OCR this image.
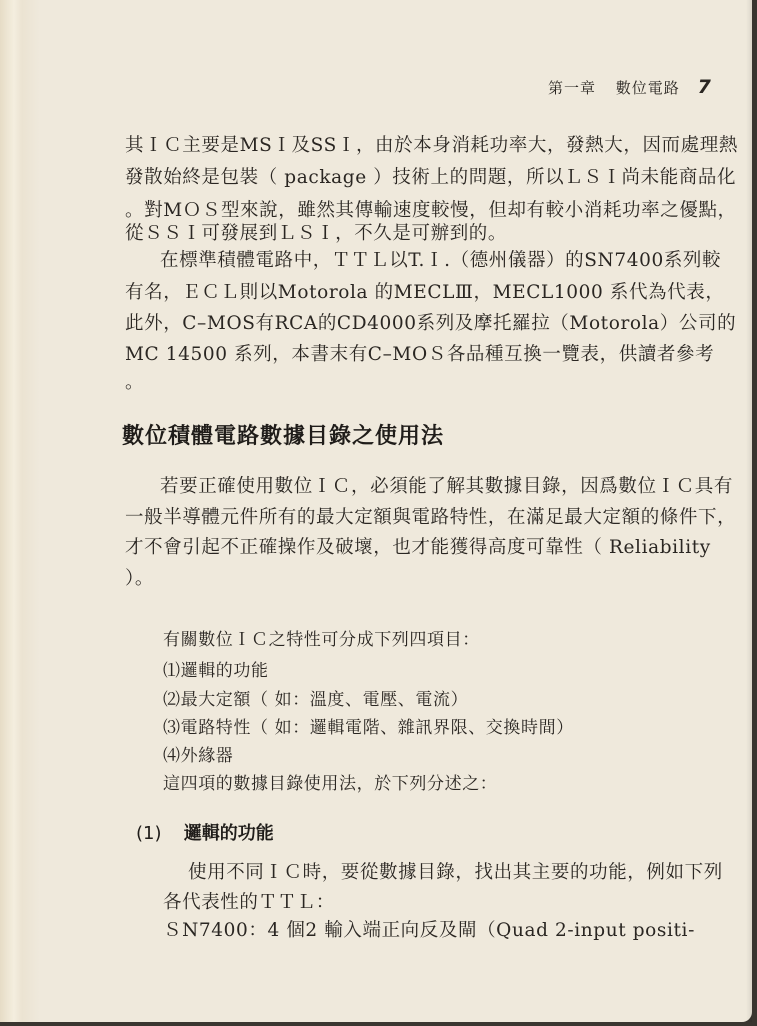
第一章 數位電路 7
其ＩＣ主要是MSＩ及SSＩ，由於本身消耗功率大，發熱大，因而處理熱
發散始終是包裝（ package ）技術上的問題，所以ＬＳＩ尚未能商品化
。對MＯＳ型來說，雖然其傳輸速度較慢，但却有較小消耗功率之優點，
從ＳＳＩ可發展到ＬＳＩ，不久是可辦到的。
在標準積體電路中，ＴＴＬ以T.Ｉ.（德州儀器）的SN7400系列較
有名，ＥＣＬ則以Motorola 的MECLⅢ，MECL1000 系代為代表，
此外，C–MOS有RCA的CD4000系列及摩托羅拉（Motorola）公司的
MC 14500 系列，本書末有C–MOＳ各品種互換一覽表，供讀者參考
。
數位積體電路數據目錄之使用法
若要正確使用數位ＩＣ，必須能了解其數據目錄，因爲數位ＩＣ具有
一般半導體元件所有的最大定額與電路特性，在滿足最大定額的條件下，
才不會引起不正確操作及破壞，也才能獲得高度可靠性（ Reliability
）。
有關數位ＩＣ之特性可分成下列四項目：
⑴邏輯的功能
⑵最大定額（ 如：溫度、電壓、電流）
⑶電路特性（ 如：邏輯電階、雜訊界限、交換時間）
⑷外緣器
這四項的數據目錄使用法，於下列分述之：
(1) 邏輯的功能
使用不同ＩＣ時，要從數據目錄，找出其主要的功能，例如下列
各代表性的ＴＴＬ：
ＳN7400：4 個2 輸入端正向反及閘（Quad 2-input positi-
